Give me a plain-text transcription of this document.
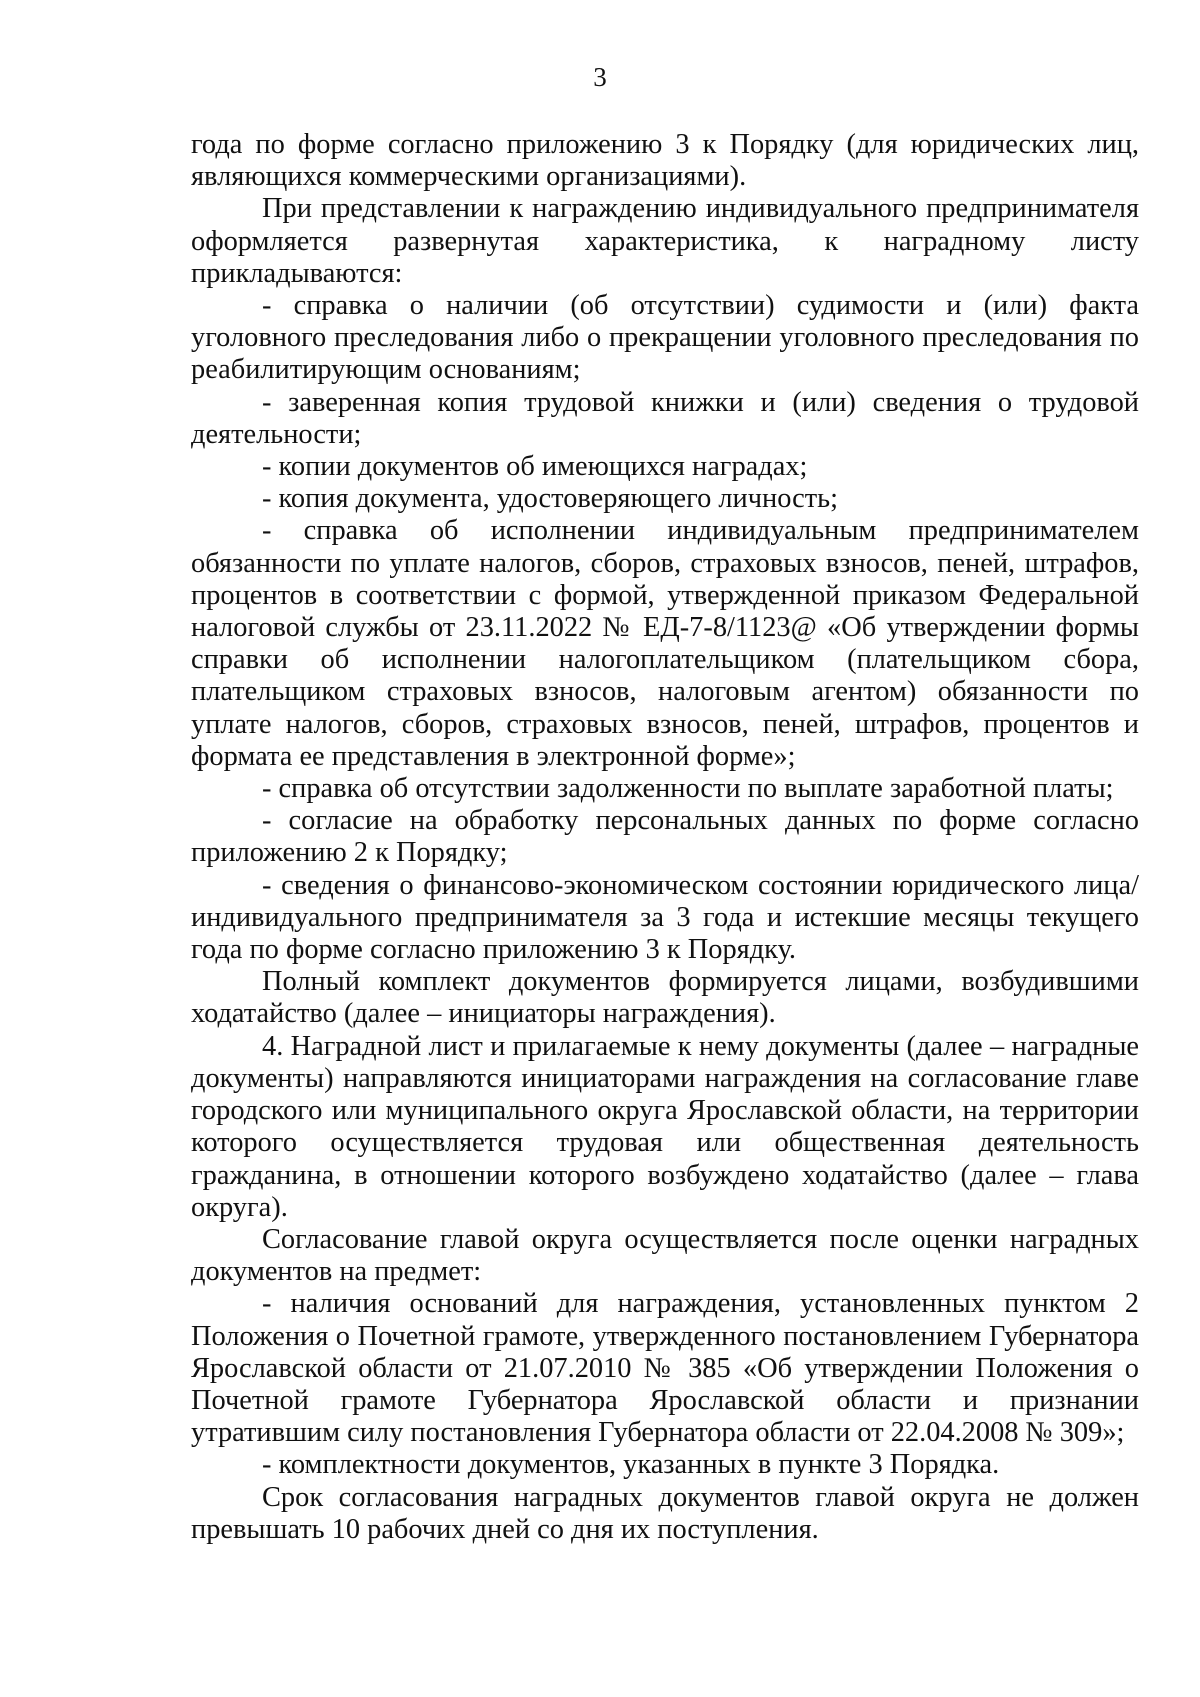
3

года по форме согласно приложению 3 к Порядку (для юридических лиц, являющихся коммерческими организациями).

При представлении к награждению индивидуального предпринимателя оформляется развернутая характеристика, к наградному листу прикладываются:

- справка о наличии (об отсутствии) судимости и (или) факта уголовного преследования либо о прекращении уголовного преследования по реабилитирующим основаниям;

- заверенная копия трудовой книжки и (или) сведения о трудовой деятельности;

- копии документов об имеющихся наградах;

- копия документа, удостоверяющего личность;

- справка об исполнении индивидуальным предпринимателем обязанности по уплате налогов, сборов, страховых взносов, пеней, штрафов, процентов в соответствии с формой, утвержденной приказом Федеральной налоговой службы от 23.11.2022 № ЕД-7-8/1123@ «Об утверждении формы справки об исполнении налогоплательщиком (плательщиком сбора, плательщиком страховых взносов, налоговым агентом) обязанности по уплате налогов, сборов, страховых взносов, пеней, штрафов, процентов и формата ее представления в электронной форме»;

- справка об отсутствии задолженности по выплате заработной платы;

- согласие на обработку персональных данных по форме согласно приложению 2 к Порядку;

- сведения о финансово-экономическом состоянии юридического лица/ индивидуального предпринимателя за 3 года и истекшие месяцы текущего года по форме согласно приложению 3 к Порядку.

Полный комплект документов формируется лицами, возбудившими ходатайство (далее – инициаторы награждения).

4. Наградной лист и прилагаемые к нему документы (далее – наградные документы) направляются инициаторами награждения на согласование главе городского или муниципального округа Ярославской области, на территории которого осуществляется трудовая или общественная деятельность гражданина, в отношении которого возбуждено ходатайство (далее – глава округа).

Согласование главой округа осуществляется после оценки наградных документов на предмет:

- наличия оснований для награждения, установленных пунктом 2 Положения о Почетной грамоте, утвержденного постановлением Губернатора Ярославской области от 21.07.2010 № 385 «Об утверждении Положения о Почетной грамоте Губернатора Ярославской области и признании утратившим силу постановления Губернатора области от 22.04.2008 № 309»;

- комплектности документов, указанных в пункте 3 Порядка.

Срок согласования наградных документов главой округа не должен превышать 10 рабочих дней со дня их поступления.
